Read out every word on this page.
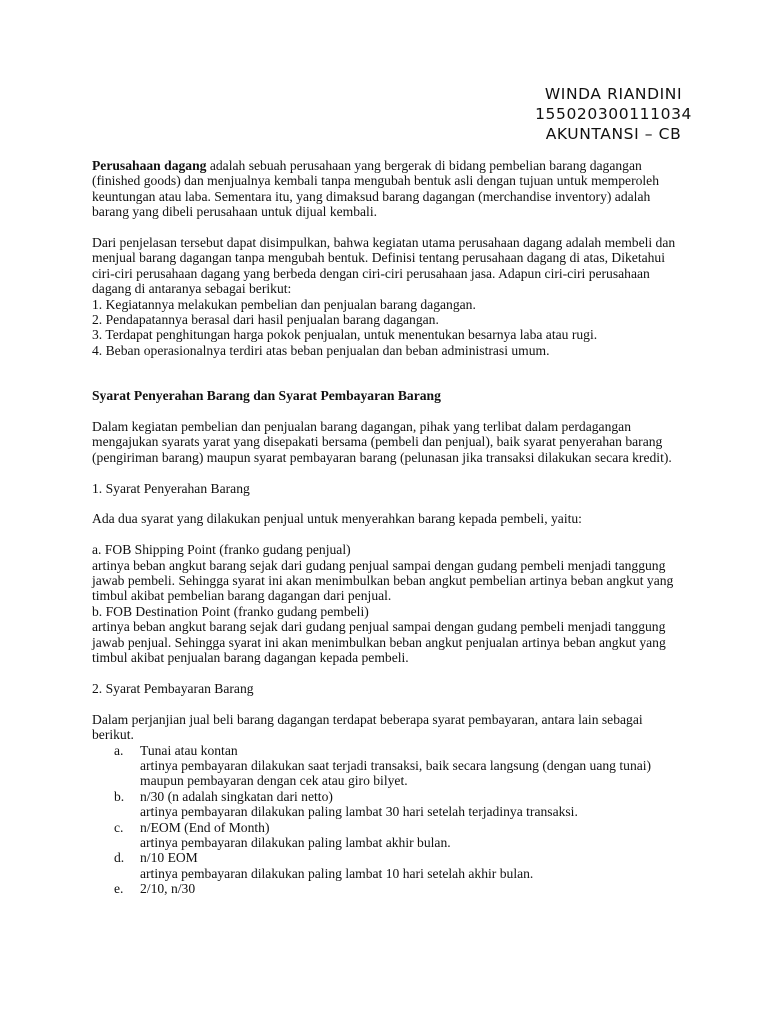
WINDA RIANDINI
155020300111034
AKUNTANSI – CB

Perusahaan dagang adalah sebuah perusahaan yang bergerak di bidang pembelian barang dagangan (finished goods) dan menjualnya kembali tanpa mengubah bentuk asli dengan tujuan untuk memperoleh keuntungan atau laba. Sementara itu, yang dimaksud barang dagangan (merchandise inventory) adalah barang yang dibeli perusahaan untuk dijual kembali.

Dari penjelasan tersebut dapat disimpulkan, bahwa kegiatan utama perusahaan dagang adalah membeli dan menjual barang dagangan tanpa mengubah bentuk. Definisi tentang perusahaan dagang di atas, Diketahui ciri-ciri perusahaan dagang yang berbeda dengan ciri-ciri perusahaan jasa. Adapun ciri-ciri perusahaan dagang di antaranya sebagai berikut:

1. Kegiatannya melakukan pembelian dan penjualan barang dagangan.

2. Pendapatannya berasal dari hasil penjualan barang dagangan.

3. Terdapat penghitungan harga pokok penjualan, untuk menentukan besarnya laba atau rugi.

4. Beban operasionalnya terdiri atas beban penjualan dan beban administrasi umum.

Syarat Penyerahan Barang dan Syarat Pembayaran Barang

Dalam kegiatan pembelian dan penjualan barang dagangan, pihak yang terlibat dalam perdagangan mengajukan syarats yarat yang disepakati bersama (pembeli dan penjual), baik syarat penyerahan barang (pengiriman barang) maupun syarat pembayaran barang (pelunasan jika transaksi dilakukan secara kredit).

1. Syarat Penyerahan Barang

Ada dua syarat yang dilakukan penjual untuk menyerahkan barang kepada pembeli, yaitu:

a. FOB Shipping Point (franko gudang penjual)

artinya beban angkut barang sejak dari gudang penjual sampai dengan gudang pembeli menjadi tanggung jawab pembeli. Sehingga syarat ini akan menimbulkan beban angkut pembelian artinya beban angkut yang timbul akibat pembelian barang dagangan dari penjual.

b. FOB Destination Point (franko gudang pembeli)

artinya beban angkut barang sejak dari gudang penjual sampai dengan gudang pembeli menjadi tanggung jawab penjual. Sehingga syarat ini akan menimbulkan beban angkut penjualan artinya beban angkut yang timbul akibat penjualan barang dagangan kepada pembeli.

2. Syarat Pembayaran Barang

Dalam perjanjian jual beli barang dagangan terdapat beberapa syarat pembayaran, antara lain sebagai berikut.

a.	Tunai atau kontan
artinya pembayaran dilakukan saat terjadi transaksi, baik secara langsung (dengan uang tunai) maupun pembayaran dengan cek atau giro bilyet.
b.	n/30 (n adalah singkatan dari netto)
artinya pembayaran dilakukan paling lambat 30 hari setelah terjadinya transaksi.
c.	n/EOM (End of Month)
artinya pembayaran dilakukan paling lambat akhir bulan.
d.	n/10 EOM
artinya pembayaran dilakukan paling lambat 10 hari setelah akhir bulan.
e.	2/10, n/30
